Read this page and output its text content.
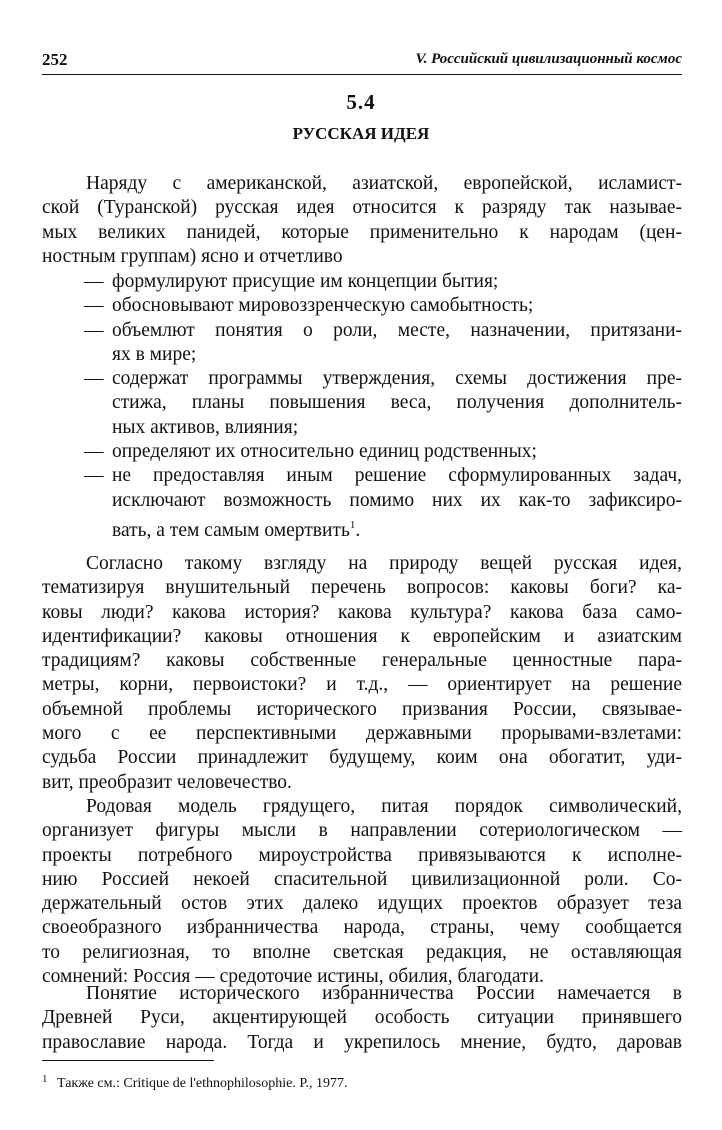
252	V. Российский цивилизационный космос
5.4
РУССКАЯ ИДЕЯ
Наряду с американской, азиатской, европейской, исламист-
ской (Туранской) русская идея относится к разряду так называе-
мых великих панидей, которые применительно к народам (цен-
ностным группам) ясно и отчетливо
— формулируют присущие им концепции бытия;
— обосновывают мировоззренческую самобытность;
— объемлют понятия о роли, месте, назначении, притязани-
ях в мире;
— содержат программы утверждения, схемы достижения пре-
стижа, планы повышения веса, получения дополнитель-
ных активов, влияния;
— определяют их относительно единиц родственных;
— не предоставляя иным решение сформулированных задач,
исключают возможность помимо них их как-то зафиксиро-
вать, а тем самым омертвить$^1$.
Согласно такому взгляду на природу вещей русская идея,
тематизируя внушительный перечень вопросов: каковы боги? ка-
ковы люди? какова история? какова культура? какова база само-
идентификации? каковы отношения к европейским и азиатским
традициям? каковы собственные генеральные ценностные пара-
метры, корни, первоистоки? и т.д., — ориентирует на решение
объемной проблемы исторического призвания России, связывае-
мого с ее перспективными державными прорывами-взлетами:
судьба России принадлежит будущему, коим она обогатит, уди-
вит, преобразит человечество.
Родовая модель грядущего, питая порядок символический,
организует фигуры мысли в направлении сотериологическом —
проекты потребного мироустройства привязываются к исполне-
нию Россией некоей спасительной цивилизационной роли. Со-
держательный остов этих далеко идущих проектов образует теза
своеобразного избранничества народа, страны, чему сообщается
то религиозная, то вполне светская редакция, не оставляющая
сомнений: Россия — средоточие истины, обилия, благодати.
Понятие исторического избранничества России намечается в
Древней Руси, акцентирующей особость ситуации принявшего
православие народа. Тогда и укрепилось мнение, будто, даровав
$^1$ Также см.: Critique de l'ethnophilosophie. P., 1977.
